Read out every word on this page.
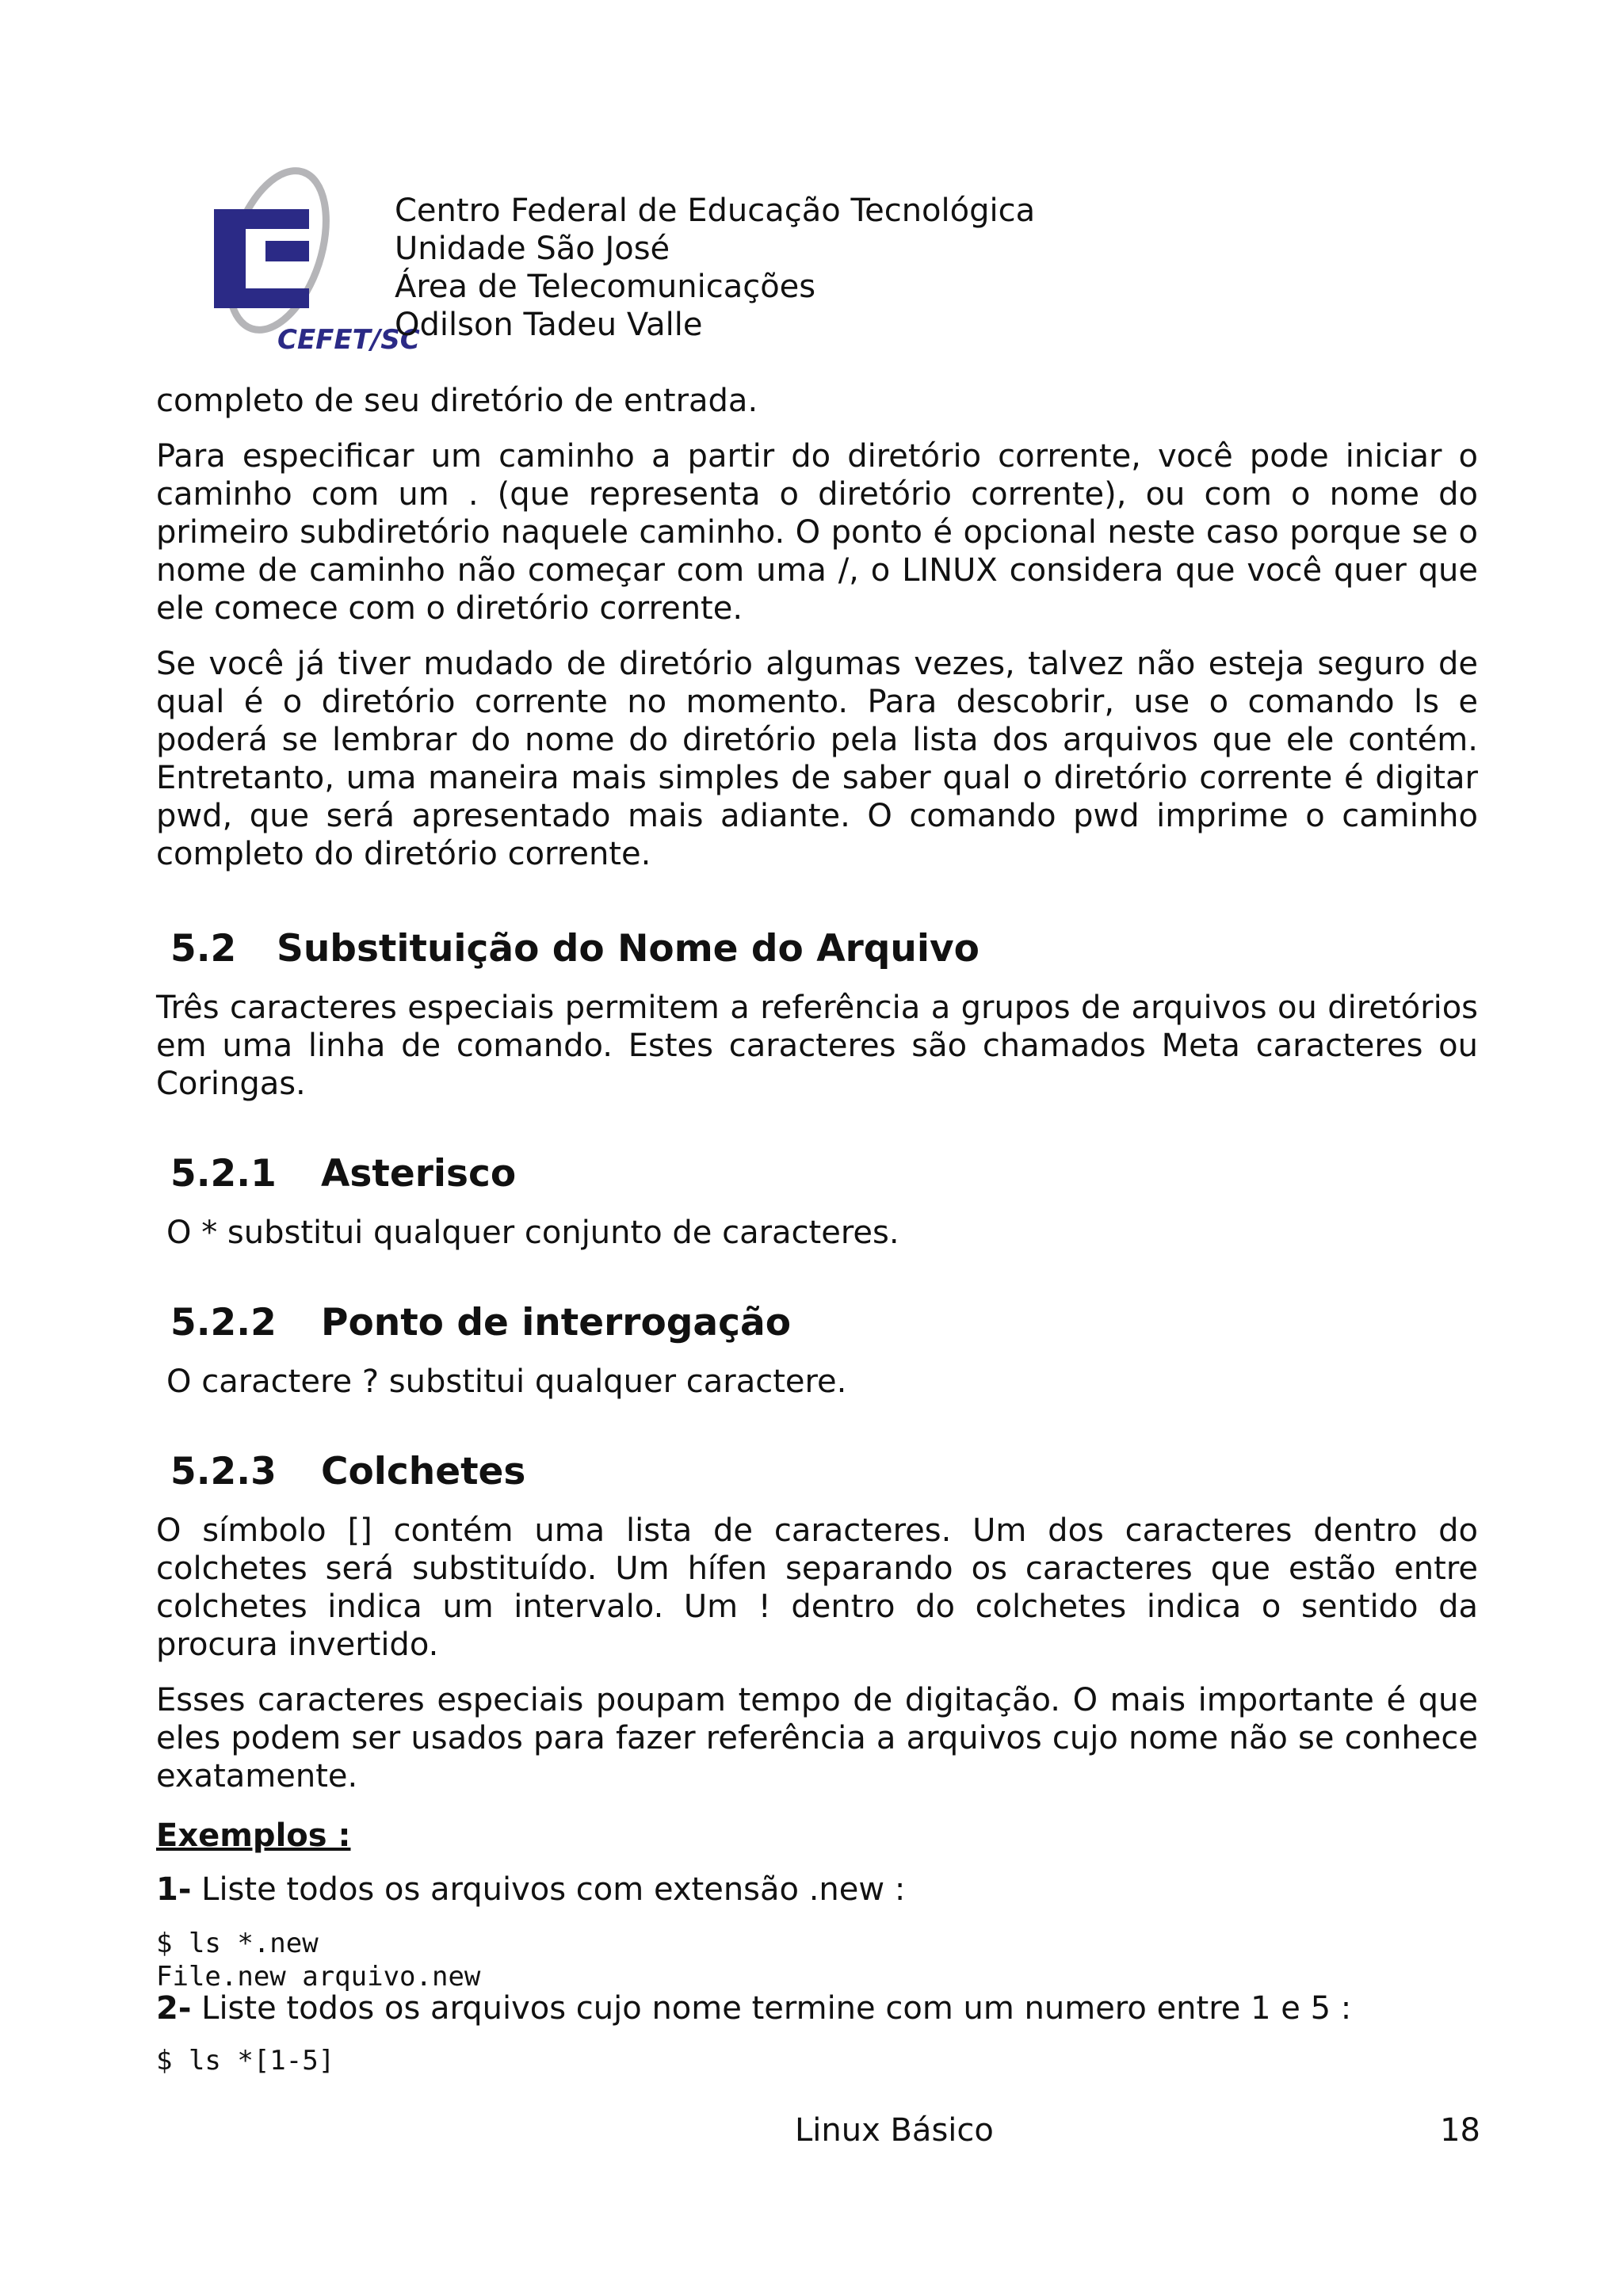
CEFET/SC
Centro Federal de Educação Tecnológica
Unidade São José
Área de Telecomunicações
Odilson Tadeu Valle

completo de seu diretório de entrada.

Para especificar um caminho a partir do diretório corrente, você pode iniciar o caminho com um . (que representa o diretório corrente), ou com o nome do primeiro subdiretório naquele caminho. O ponto é opcional neste caso porque se o nome de caminho não começar com uma /, o LINUX considera que você quer que ele comece com o diretório corrente.

Se você já tiver mudado de diretório algumas vezes, talvez não esteja seguro de qual é o diretório corrente no momento. Para descobrir, use o comando ls e poderá se lembrar do nome do diretório pela lista dos arquivos que ele contém. Entretanto, uma maneira mais simples de saber qual o diretório corrente é digitar pwd, que será apresentado mais adiante. O comando pwd imprime o caminho completo do diretório corrente.

5.2 Substituição do Nome do Arquivo

Três caracteres especiais permitem a referência a grupos de arquivos ou diretórios em uma linha de comando. Estes caracteres são chamados Meta caracteres ou Coringas.

5.2.1 Asterisco
O * substitui qualquer conjunto de caracteres.
5.2.2 Ponto de interrogação
O caractere ? substitui qualquer caractere.
5.2.3 Colchetes

O símbolo [] contém uma lista de caracteres. Um dos caracteres dentro do colchetes será substituído. Um hífen separando os caracteres que estão entre colchetes indica um intervalo. Um ! dentro do colchetes indica o sentido da procura invertido.

Esses caracteres especiais poupam tempo de digitação. O mais importante é que eles podem ser usados para fazer referência a arquivos cujo nome não se conhece exatamente.

Exemplos :
1- Liste todos os arquivos com extensão .new :
$ ls *.new
File.new arquivo.new
2- Liste todos os arquivos cujo nome termine com um numero entre 1 e 5 :
$ ls *[1-5]
Linux Básico	18
